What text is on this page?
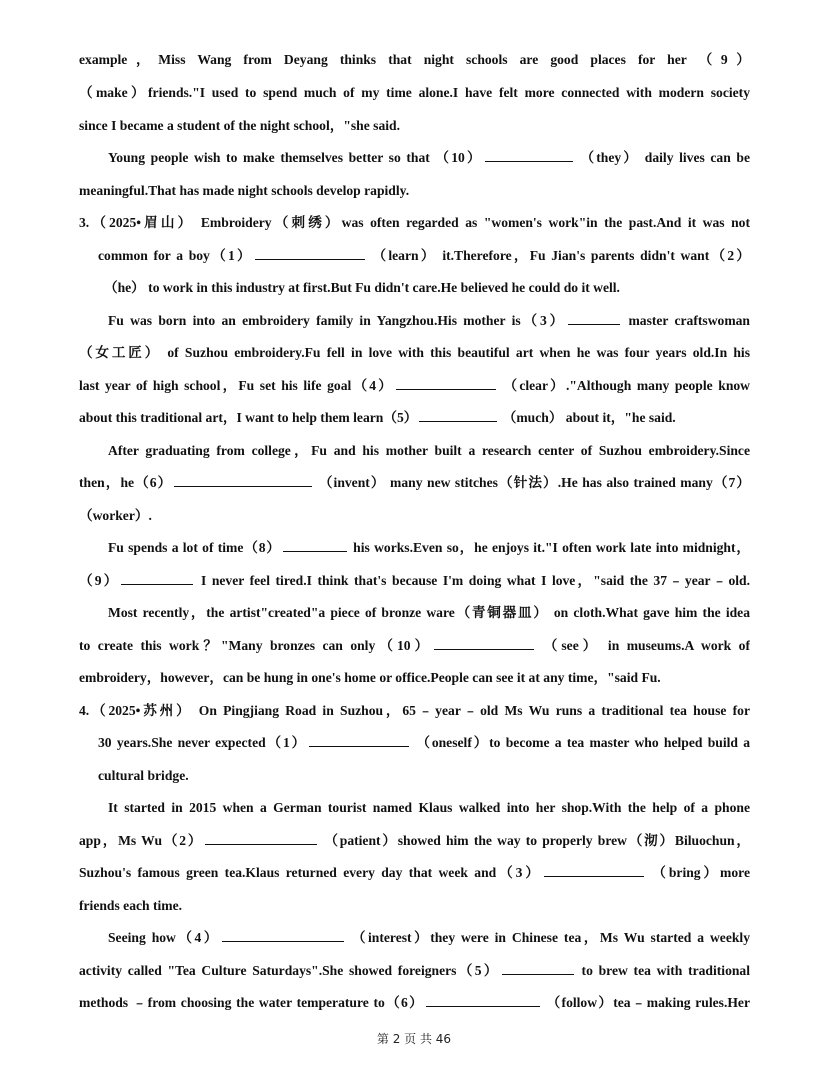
example，Miss Wang from Deyang thinks that night schools are good places for her （9）
（make）friends."I used to spend much of my time alone.I have felt more connected with modern society
since I became a student of the night school，"she said.
Young people wish to make themselves better so that （10）	（they） daily lives can be
meaningful.That has made night schools develop rapidly.
3.（2025•眉山） Embroidery（刺绣）was often regarded as "women's work"in the past.And it was not
common for a boy（1）	（learn） it.Therefore，Fu Jian's parents didn't want（2）
（he） to work in this industry at first.But Fu didn't care.He believed he could do it well.
Fu was born into an embroidery family in Yangzhou.His mother is（3）	master craftswoman
（女工匠） of Suzhou embroidery.Fu fell in love with this beautiful art when he was four years old.In his
last year of high school，Fu set his life goal（4）	（clear）."Although many people know
about this traditional art，I want to help them learn（5）	（much） about it，"he said.
After graduating from college，Fu and his mother built a research center of Suzhou embroidery.Since
then，he（6）	（invent） many new stitches（针法）.He has also trained many（7）
（worker）.
Fu spends a lot of time（8）	his works.Even so，he enjoys it."I often work late into midnight，
（9）	I never feel tired.I think that's because I'm doing what I love，"said the 37﹣year﹣old.
Most recently，the artist"created"a piece of bronze ware（青铜器皿） on cloth.What gave him the idea
to create this work？"Many bronzes can only（10）	（see） in museums.A work of
embroidery，however，can be hung in one's home or office.People can see it at any time，"said Fu.
4.（2025•苏州） On Pingjiang Road in Suzhou，65﹣year﹣old Ms Wu runs a traditional tea house for
30 years.She never expected（1）	（oneself）to become a tea master who helped build a
cultural bridge.
It started in 2015 when a German tourist named Klaus walked into her shop.With the help of a phone
app，Ms Wu（2）	（patient）showed him the way to properly brew（沏）Biluochun，
Suzhou's famous green tea.Klaus returned every day that week and（3）	（bring）more
friends each time.
Seeing how（4）	（interest）they were in Chinese tea，Ms Wu started a weekly
activity called "Tea Culture Saturdays".She showed foreigners（5）	to brew tea with traditional
methods ﹣from choosing the water temperature to（6）	（follow）tea﹣making rules.Her
第 2 页 共 46
